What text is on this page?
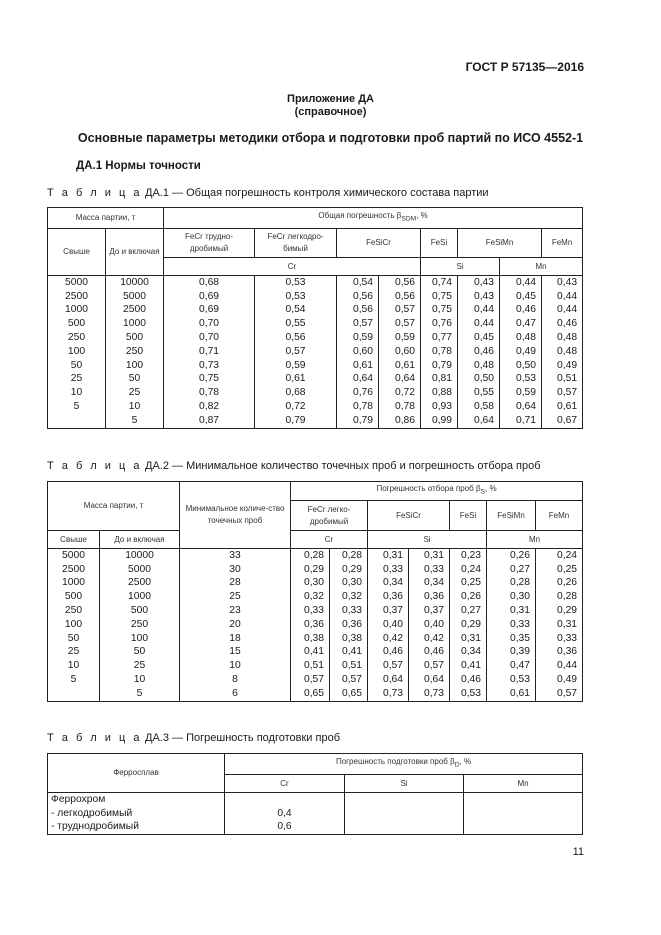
ГОСТ Р 57135—2016
Приложение ДА
(справочное)
Основные параметры методики отбора и подготовки проб партий по ИСО 4552-1
ДА.1 Нормы точности
Т а б л и ц а ДА.1 — Общая погрешность контроля химического состава партии
Масса партии, т		Общая погрешность $\beta_{SDM}$, %							
Свыше	До и включая	FeCr трудно-дробимый	FeCr легкодро-бимый	FeSiCr		FeSi	FeSiMn		FeMn
		Cr				Si		Mn	
5000	10000	0,68	0,53	0,54	0,56	0,74	0,43	0,44	0,43
2500	5000	0,69	0,53	0,56	0,56	0,75	0,43	0,45	0,44
1000	2500	0,69	0,54	0,56	0,57	0,75	0,44	0,46	0,44
500	1000	0,70	0,55	0,57	0,57	0,76	0,44	0,47	0,46
250	500	0,70	0,56	0,59	0,59	0,77	0,45	0,48	0,48
100	250	0,71	0,57	0,60	0,60	0,78	0,46	0,49	0,48
50	100	0,73	0,59	0,61	0,61	0,79	0,48	0,50	0,49
25	50	0,75	0,61	0,64	0,64	0,81	0,50	0,53	0,51
10	25	0,78	0,68	0,76	0,72	0,88	0,55	0,59	0,57
5	10	0,82	0,72	0,78	0,78	0,93	0,58	0,64	0,61
	5	0,87	0,79	0,79	0,86	0,99	0,64	0,71	0,67
Т а б л и ц а ДА.2 — Минимальное количество точечных проб и погрешность отбора проб
Масса партии, т		Минимальное количе-ство точечных проб	Погрешность отбора проб $\beta_S$, %						
			FeCr легко-дробимый		FeSiCr		FeSi	FeSiMn	FeMn
Свыше	До и включая		Cr		Si			Mn	
5000	10000	33	0,28	0,28	0,31	0,31	0,23	0,26	0,24
2500	5000	30	0,29	0,29	0,33	0,33	0,24	0,27	0,25
1000	2500	28	0,30	0,30	0,34	0,34	0,25	0,28	0,26
500	1000	25	0,32	0,32	0,36	0,36	0,26	0,30	0,28
250	500	23	0,33	0,33	0,37	0,37	0,27	0,31	0,29
100	250	20	0,36	0,36	0,40	0,40	0,29	0,33	0,31
50	100	18	0,38	0,38	0,42	0,42	0,31	0,35	0,33
25	50	15	0,41	0,41	0,46	0,46	0,34	0,39	0,36
10	25	10	0,51	0,51	0,57	0,57	0,41	0,47	0,44
5	10	8	0,57	0,57	0,64	0,64	0,46	0,53	0,49
	5	6	0,65	0,65	0,73	0,73	0,53	0,61	0,57
Т а б л и ц а ДА.3 — Погрешность подготовки проб
Ферросплав	Погрешность подготовки проб $\beta_D$, %		
	Cr	Si	Mn
Феррохром			
- легкодробимый	0,4		
- труднодробимый	0,6		
11
